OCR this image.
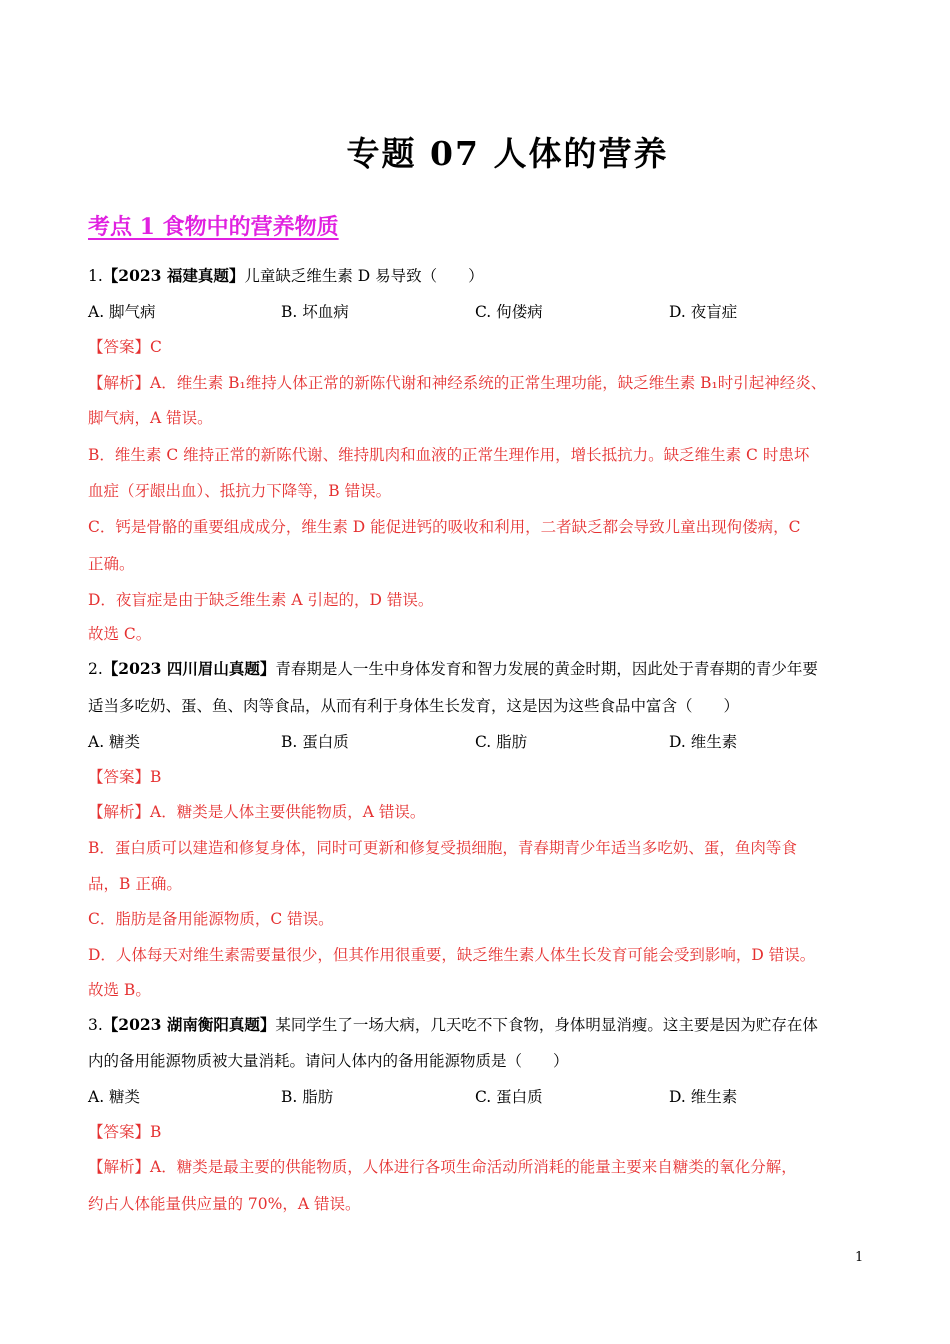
专题 07 人体的营养
考点 1 食物中的营养物质
1.【2023 福建真题】儿童缺乏维生素 D 易导致（　　）
A. 脚气病	B. 坏血病	C. 佝偻病	D. 夜盲症
【答案】C
【解析】A．维生素 B₁维持人体正常的新陈代谢和神经系统的正常生理功能，缺乏维生素 B₁时引起神经炎、
脚气病，A 错误。
B．维生素 C 维持正常的新陈代谢、维持肌肉和血液的正常生理作用，增长抵抗力。缺乏维生素 C 时患坏
血症（牙龈出血）、抵抗力下降等，B 错误。
C．钙是骨骼的重要组成成分，维生素 D 能促进钙的吸收和利用，二者缺乏都会导致儿童出现佝偻病，C
正确。
D．夜盲症是由于缺乏维生素 A 引起的，D 错误。
故选 C。
2.【2023 四川眉山真题】青春期是人一生中身体发育和智力发展的黄金时期，因此处于青春期的青少年要
适当多吃奶、蛋、鱼、肉等食品，从而有利于身体生长发育，这是因为这些食品中富含（　　）
A. 糖类	B. 蛋白质	C. 脂肪	D. 维生素
【答案】B
【解析】A．糖类是人体主要供能物质，A 错误。
B．蛋白质可以建造和修复身体，同时可更新和修复受损细胞，青春期青少年适当多吃奶、蛋，鱼肉等食
品，B 正确。
C．脂肪是备用能源物质，C 错误。
D．人体每天对维生素需要量很少，但其作用很重要，缺乏维生素人体生长发育可能会受到影响，D 错误。
故选 B。
3.【2023 湖南衡阳真题】某同学生了一场大病，几天吃不下食物，身体明显消瘦。这主要是因为贮存在体
内的备用能源物质被大量消耗。请问人体内的备用能源物质是（　　）
A. 糖类	B. 脂肪	C. 蛋白质	D. 维生素
【答案】B
【解析】A．糖类是最主要的供能物质，人体进行各项生命活动所消耗的能量主要来自糖类的氧化分解，
约占人体能量供应量的 70%，A 错误。
1
